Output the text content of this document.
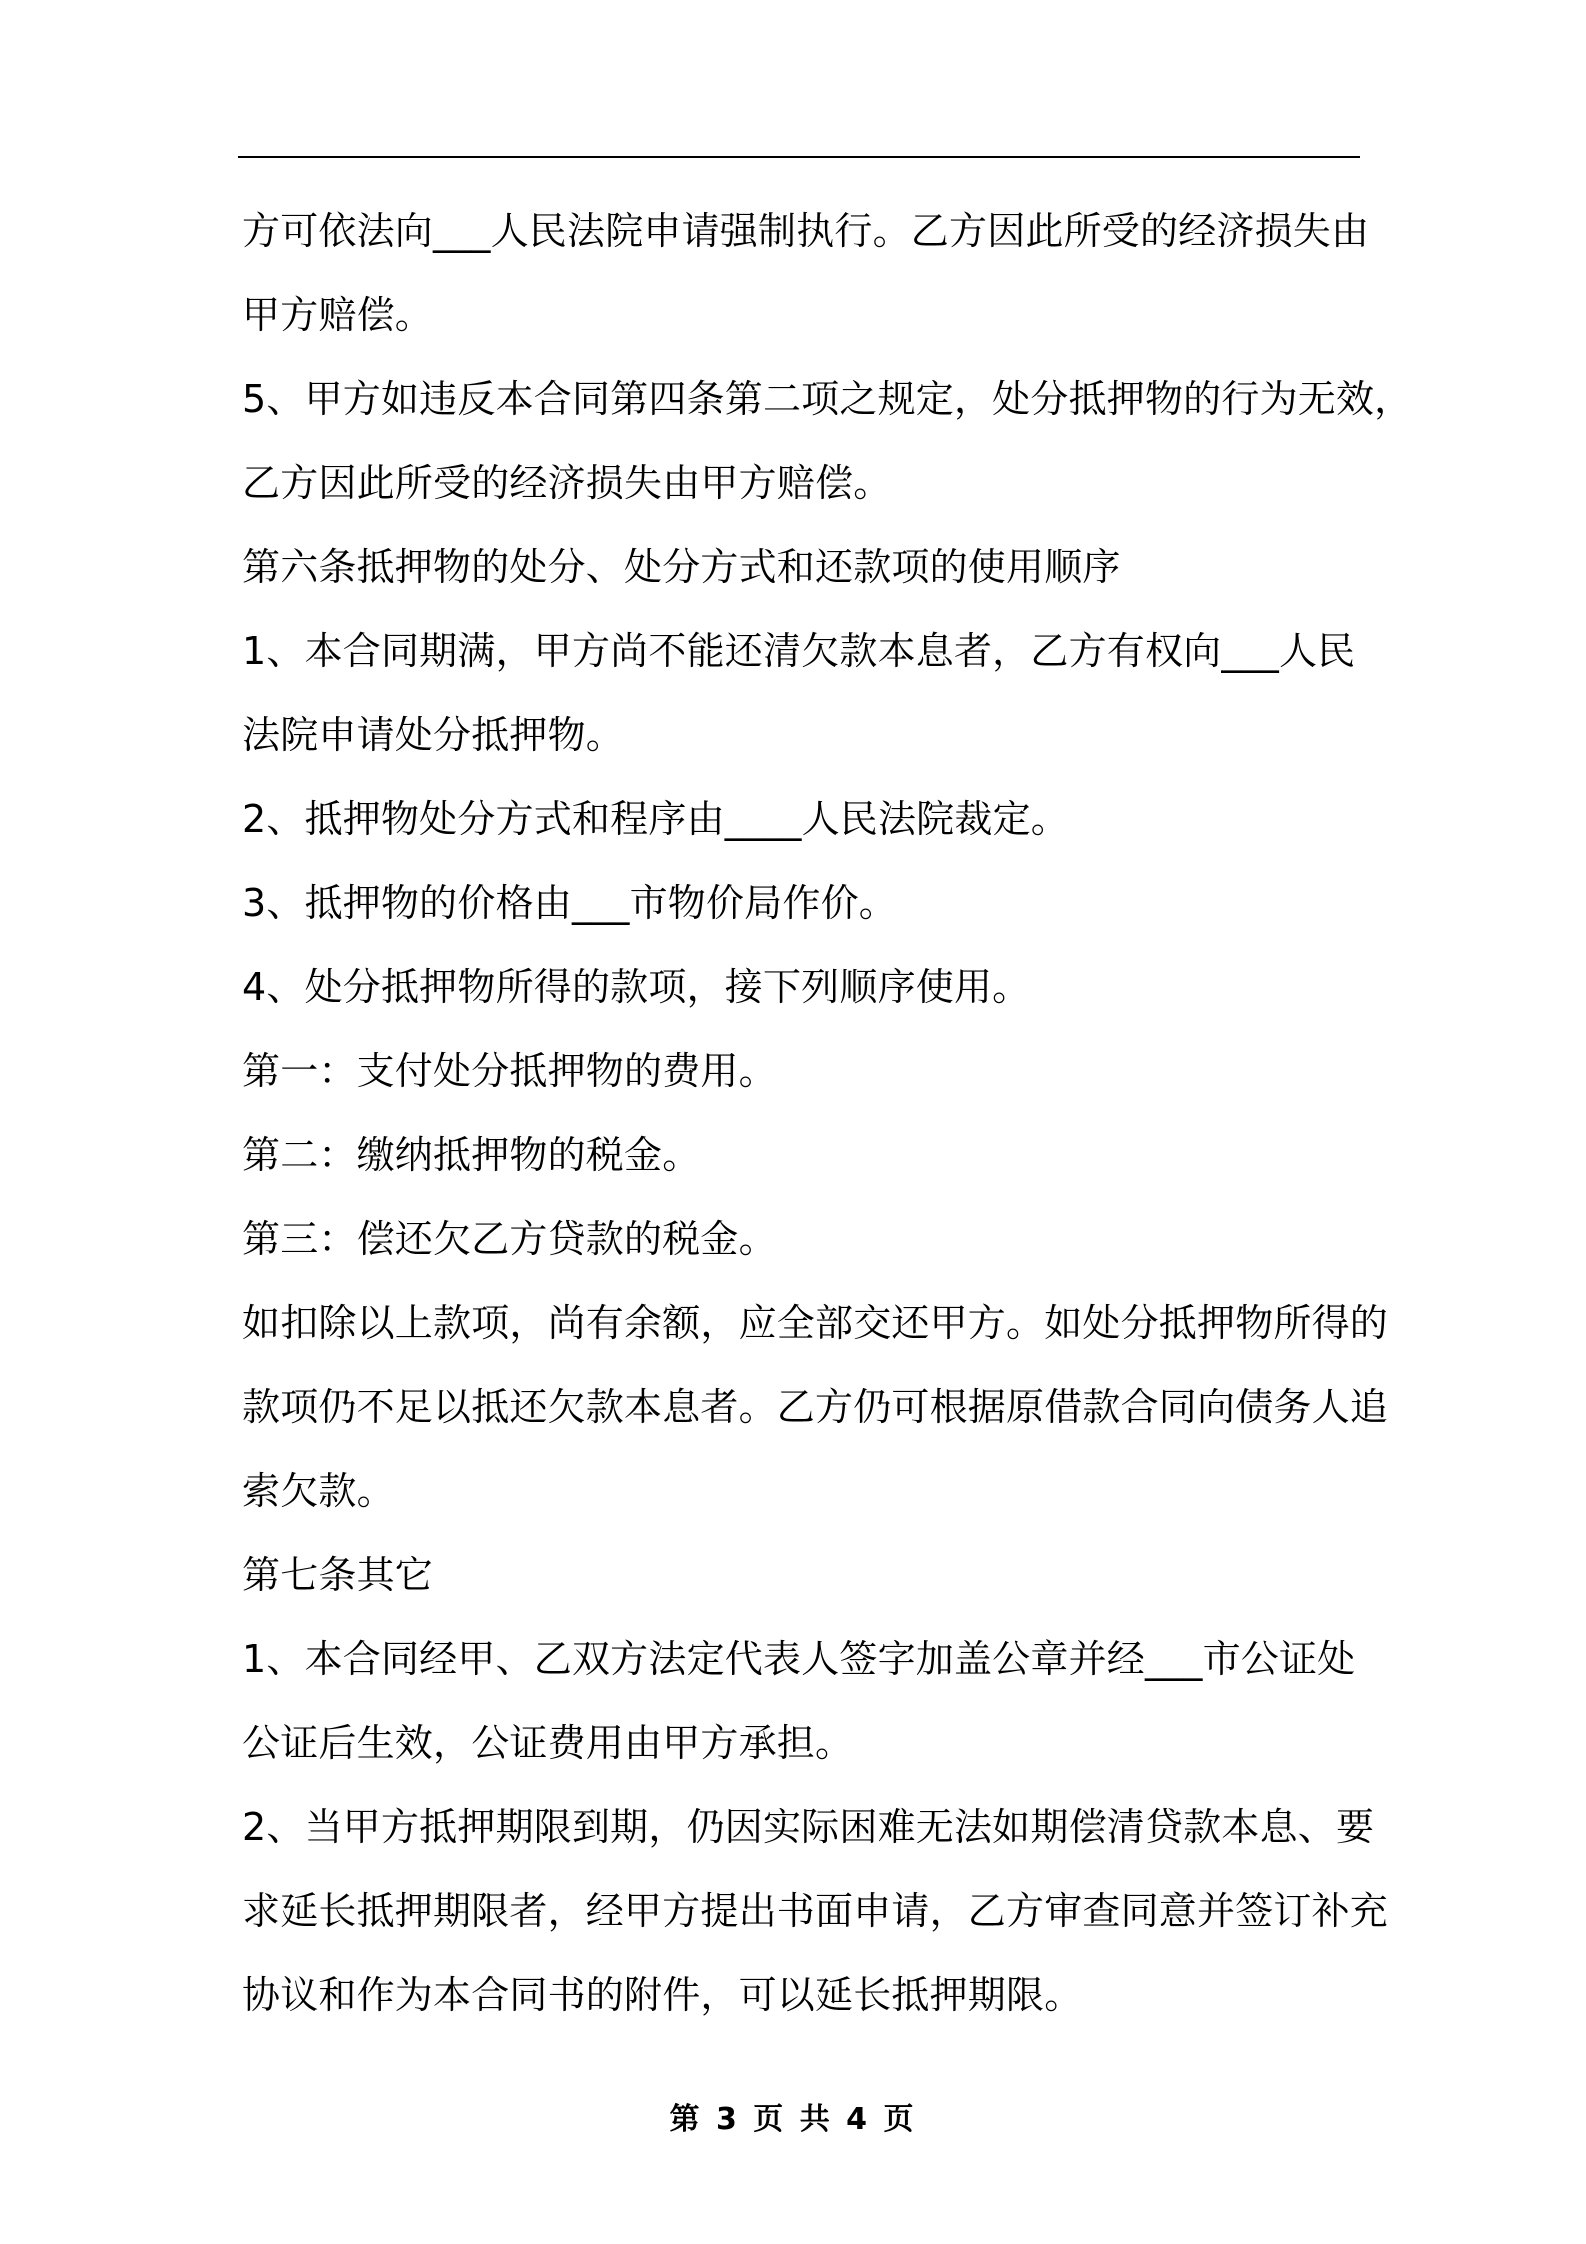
方可依法向___人民法院申请强制执行。乙方因此所受的经济损失由
甲方赔偿。
5、甲方如违反本合同第四条第二项之规定，处分抵押物的行为无效，
乙方因此所受的经济损失由甲方赔偿。
第六条抵押物的处分、处分方式和还款项的使用顺序
1、本合同期满，甲方尚不能还清欠款本息者，乙方有权向___人民
法院申请处分抵押物。
2、抵押物处分方式和程序由____人民法院裁定。
3、抵押物的价格由___市物价局作价。
4、处分抵押物所得的款项，接下列顺序使用。
第一：支付处分抵押物的费用。
第二：缴纳抵押物的税金。
第三：偿还欠乙方贷款的税金。
如扣除以上款项，尚有余额，应全部交还甲方。如处分抵押物所得的
款项仍不足以抵还欠款本息者。乙方仍可根据原借款合同向债务人追
索欠款。
第七条其它
1、本合同经甲、乙双方法定代表人签字加盖公章并经___市公证处
公证后生效，公证费用由甲方承担。
2、当甲方抵押期限到期，仍因实际困难无法如期偿清贷款本息、要
求延长抵押期限者，经甲方提出书面申请，乙方审查同意并签订补充
协议和作为本合同书的附件，可以延长抵押期限。
第 3 页 共 4 页
